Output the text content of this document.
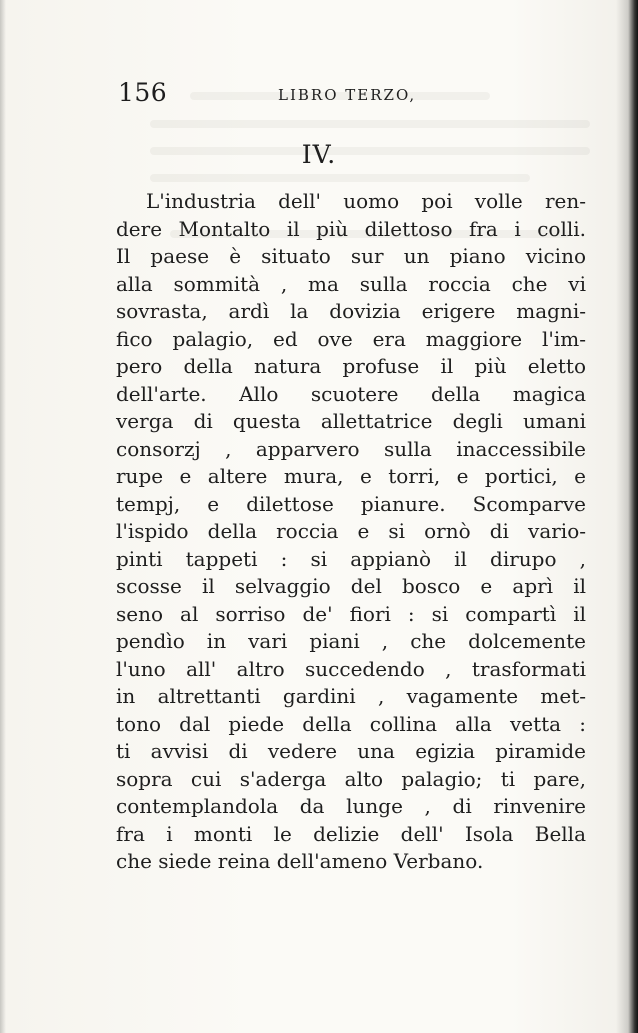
156	LIBRO TERZO,
IV.
L'industria dell' uomo poi volle ren-
dere Montalto il più dilettoso fra i colli.
Il paese è situato sur un piano vicino
alla sommità , ma sulla roccia che vi
sovrasta, ardì la dovizia erigere magni-
fico palagio, ed ove era maggiore l'im-
pero della natura profuse il più eletto
dell'arte. Allo scuotere della magica
verga di questa allettatrice degli umani
consorzj , apparvero sulla inaccessibile
rupe e altere mura, e torri, e portici, e
tempj, e dilettose pianure. Scomparve
l'ispido della roccia e si ornò di vario-
pinti tappeti : si appianò il dirupo ,
scosse il selvaggio del bosco e aprì il
seno al sorriso de' fiori : si compartì il
pendìo in vari piani , che dolcemente
l'uno all' altro succedendo , trasformati
in altrettanti gardini , vagamente met-
tono dal piede della collina alla vetta :
ti avvisi di vedere una egizia piramide
sopra cui s'aderga alto palagio; ti pare,
contemplandola da lunge , di rinvenire
fra i monti le delizie dell' Isola Bella
che siede reina dell'ameno Verbano.
